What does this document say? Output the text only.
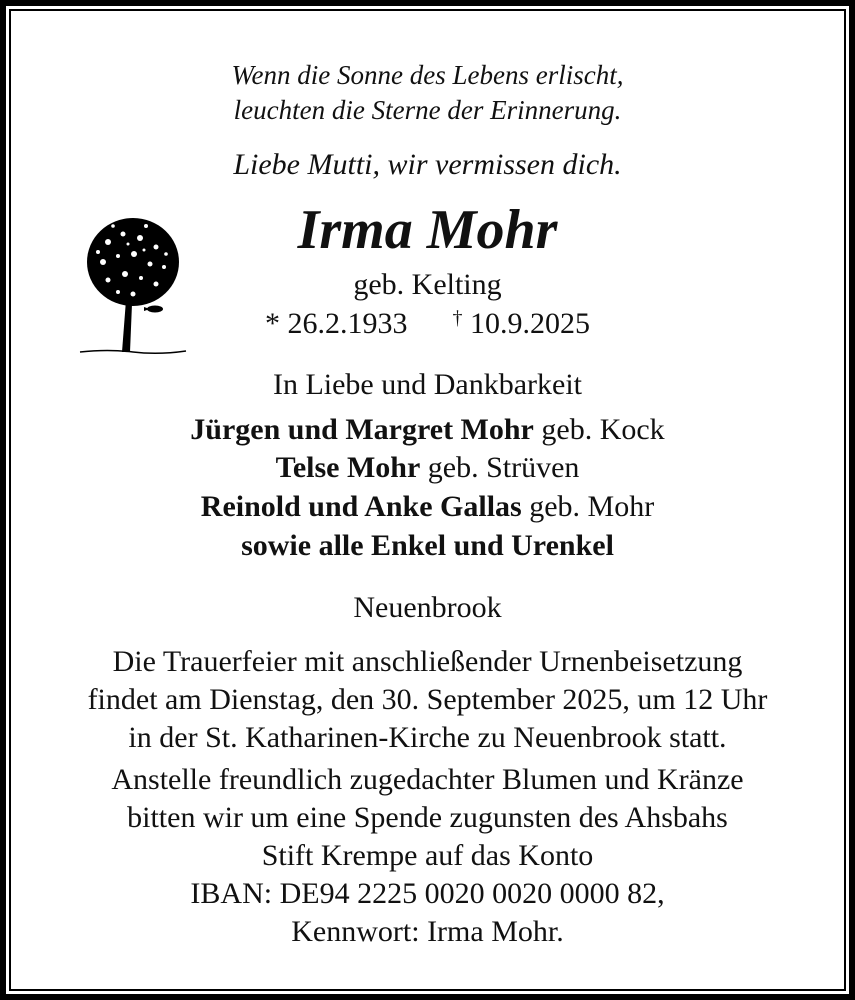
Wenn die Sonne des Lebens erlischt,
leuchten die Sterne der Erinnerung.
Liebe Mutti, wir vermissen dich.
Irma Mohr
geb. Kelting
* 26.2.1933 † 10.9.2025
In Liebe und Dankbarkeit
Jürgen und Margret Mohr geb. Kock
Telse Mohr geb. Strüven
Reinold und Anke Gallas geb. Mohr
sowie alle Enkel und Urenkel
Neuenbrook
Die Trauerfeier mit anschließender Urnenbeisetzung
findet am Dienstag, den 30. September 2025, um 12 Uhr
in der St. Katharinen-Kirche zu Neuenbrook statt.
Anstelle freundlich zugedachter Blumen und Kränze
bitten wir um eine Spende zugunsten des Ahsbahs
Stift Krempe auf das Konto
IBAN: DE94 2225 0020 0020 0000 82,
Kennwort: Irma Mohr.
